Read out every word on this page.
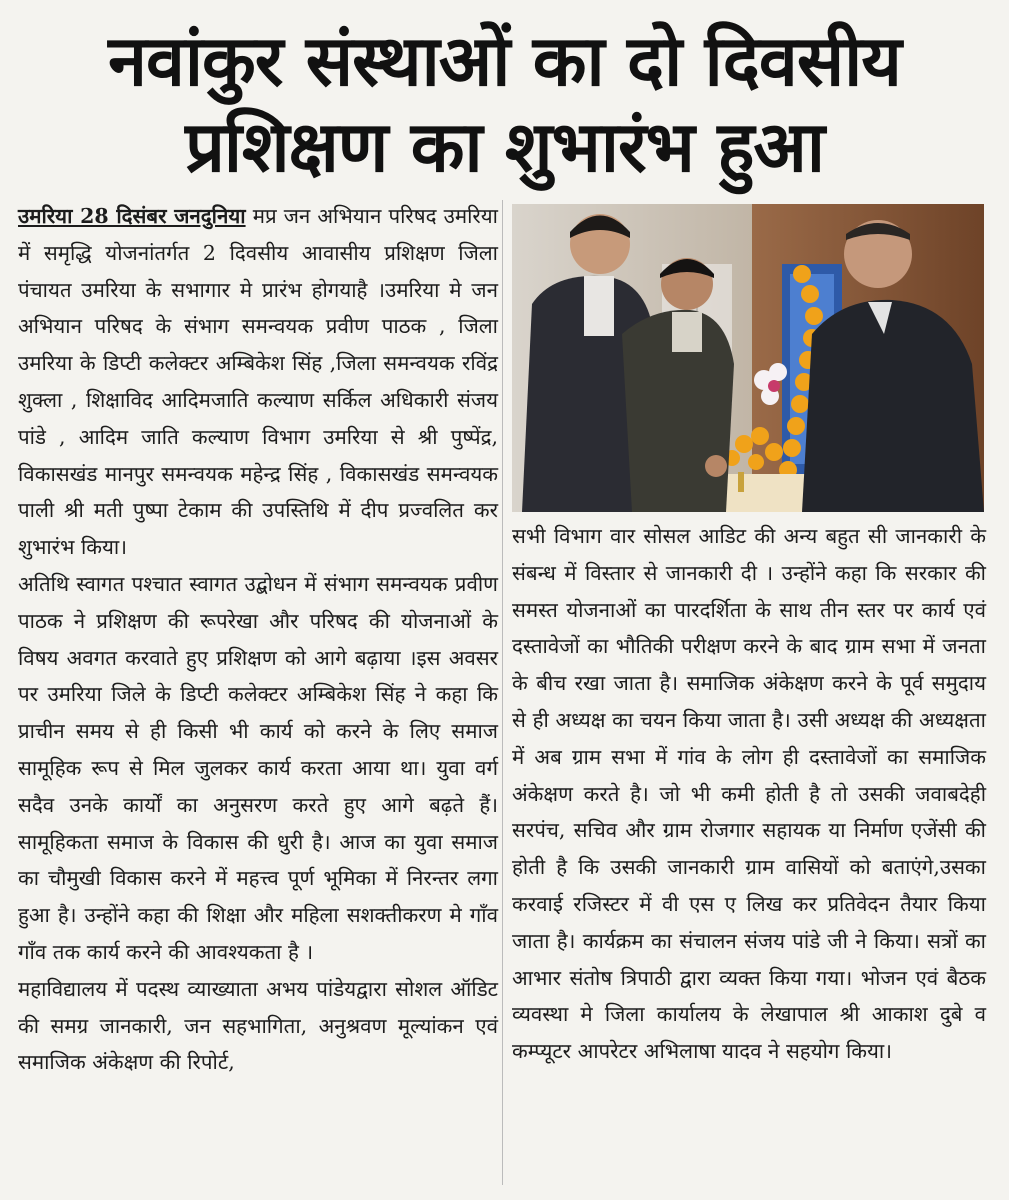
नवांकुर संस्थाओं का दो दिवसीय
प्रशिक्षण का शुभारंभ हुआ

उमरिया 28 दिसंबर जनदुनिया मप्र जन अभियान परिषद उमरिया में समृद्धि योजनांतर्गत 2 दिवसीय आवासीय प्रशिक्षण जिला पंचायत उमरिया के सभागार मे प्रारंभ होगयाहै ।उमरिया मे जन अभियान परिषद के संभाग समन्वयक प्रवीण पाठक , जिला उमरिया के डिप्टी कलेक्टर अम्बिकेश सिंह ,जिला समन्वयक रविंद्र शुक्ला , शिक्षाविद आदिमजाति कल्याण सर्किल अधिकारी संजय पांडे , आदिम जाति कल्याण विभाग उमरिया से श्री पुष्पेंद्र, विकासखंड मानपुर समन्वयक महेन्द्र सिंह , विकासखंड समन्वयक पाली श्री मती पुष्पा टेकाम की उपस्तिथि में दीप प्रज्वलित कर शुभारंभ किया।

अतिथि स्वागत पश्चात स्वागत उद्बोधन में संभाग समन्वयक प्रवीण पाठक ने प्रशिक्षण की रूपरेखा और परिषद की योजनाओं के विषय अवगत करवाते हुए प्रशिक्षण को आगे बढ़ाया ।इस अवसर पर उमरिया जिले के डिप्टी कलेक्टर अम्बिकेश सिंह ने कहा कि प्राचीन समय से ही किसी भी कार्य को करने के लिए समाज सामूहिक रूप से मिल जुलकर कार्य करता आया था। युवा वर्ग सदैव उनके कार्यों का अनुसरण करते हुए आगे बढ़ते हैं। सामूहिकता समाज के विकास की धुरी है। आज का युवा समाज का चौमुखी विकास करने में महत्त्व पूर्ण भूमिका में निरन्तर लगा हुआ है। उन्होंने कहा की शिक्षा और महिला सशक्तीकरण मे गाँव गाँव तक कार्य करने की आवश्यकता है ।

महाविद्यालय में पदस्थ व्याख्याता अभय पांडेयद्वारा सोशल ऑडिट की समग्र जानकारी, जन सहभागिता, अनुश्रवण मूल्यांकन एवं समाजिक अंकेक्षण की रिपोर्ट,

सभी विभाग वार सोसल आडिट की अन्य बहुत सी जानकारी के संबन्ध में विस्तार से जानकारी दी । उन्होंने कहा कि सरकार की समस्त योजनाओं का पारदर्शिता के साथ तीन स्तर पर कार्य एवं दस्तावेजों का भौतिकी परीक्षण करने के बाद ग्राम सभा में जनता के बीच रखा जाता है। समाजिक अंकेक्षण करने के पूर्व समुदाय से ही अध्यक्ष का चयन किया जाता है। उसी अध्यक्ष की अध्यक्षता में अब ग्राम सभा में गांव के लोग ही दस्तावेजों का समाजिक अंकेक्षण करते है। जो भी कमी होती है तो उसकी जवाबदेही सरपंच, सचिव और ग्राम रोजगार सहायक या निर्माण एजेंसी की होती है कि उसकी जानकारी ग्राम वासियों को बताएंगे,उसका करवाई रजिस्टर में वी एस ए लिख कर प्रतिवेदन तैयार किया जाता है। कार्यक्रम का संचालन संजय पांडे जी ने किया। सत्रों का आभार संतोष त्रिपाठी द्वारा व्यक्त किया गया। भोजन एवं बैठक व्यवस्था मे जिला कार्यालय के लेखापाल श्री आकाश दुबे व कम्प्यूटर आपरेटर अभिलाषा यादव ने सहयोग किया।
